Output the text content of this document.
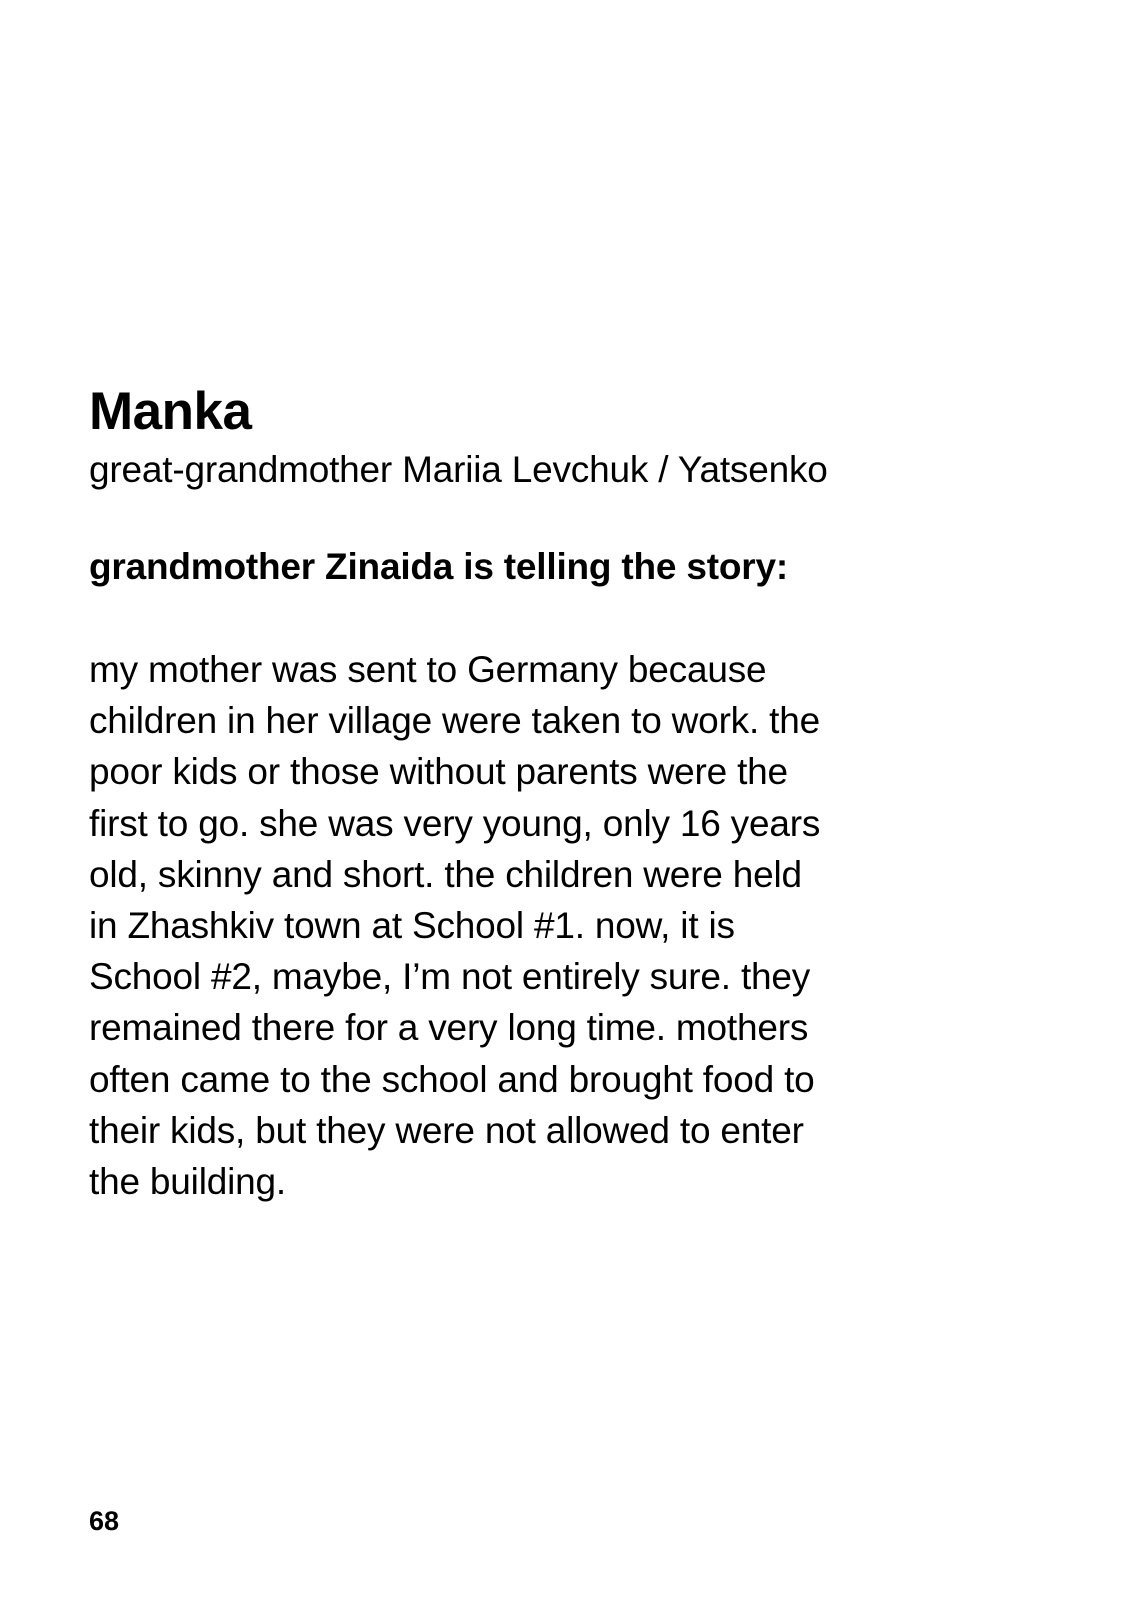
Manka

great-grandmother Mariia Levchuk / Yatsenko

grandmother Zinaida is telling the story:

my mother was sent to Germany because
children in her village were taken to work. the
poor kids or those without parents were the
first to go. she was very young, only 16 years
old, skinny and short. the children were held
in Zhashkiv town at School #1. now, it is
School #2, maybe, I’m not entirely sure. they
remained there for a very long time. mothers
often came to the school and brought food to
their kids, but they were not allowed to enter
the building.

68
